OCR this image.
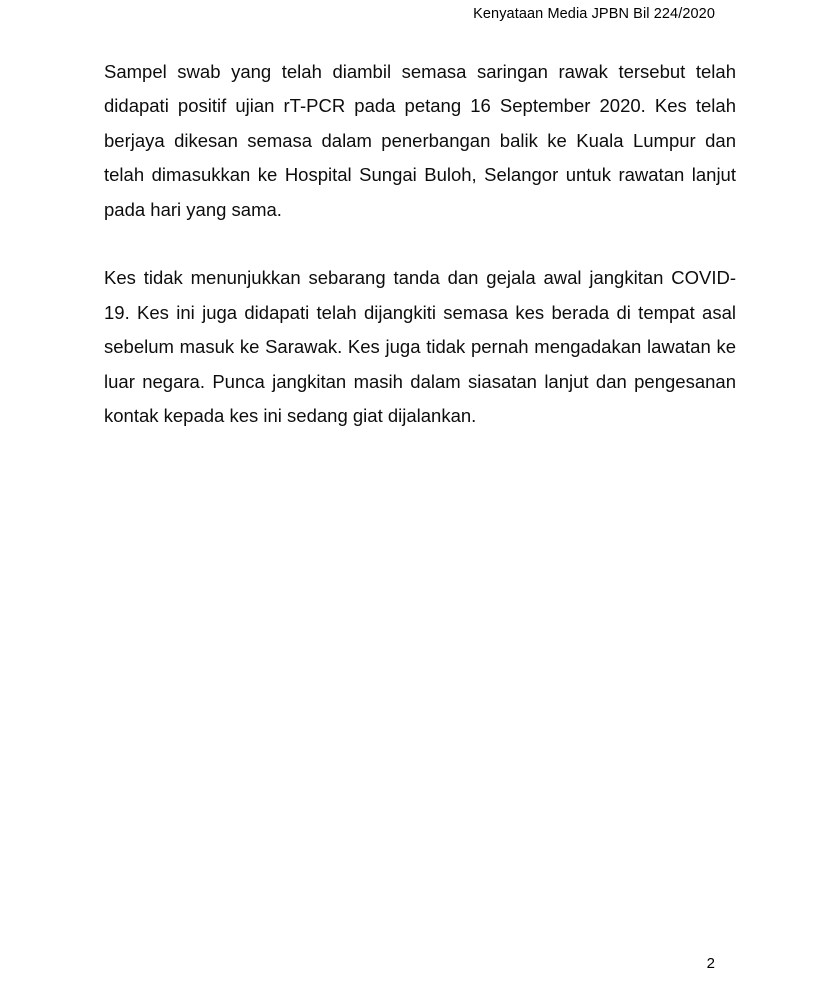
Kenyataan Media JPBN Bil 224/2020

Sampel swab yang telah diambil semasa saringan rawak tersebut telah didapati positif ujian rT-PCR pada petang 16 September 2020. Kes telah berjaya dikesan semasa dalam penerbangan balik ke Kuala Lumpur dan telah dimasukkan ke Hospital Sungai Buloh, Selangor untuk rawatan lanjut pada hari yang sama.

Kes tidak menunjukkan sebarang tanda dan gejala awal jangkitan COVID-19. Kes ini juga didapati telah dijangkiti semasa kes berada di tempat asal sebelum masuk ke Sarawak. Kes juga tidak pernah mengadakan lawatan ke luar negara. Punca jangkitan masih dalam siasatan lanjut dan pengesanan kontak kepada kes ini sedang giat dijalankan.

2
